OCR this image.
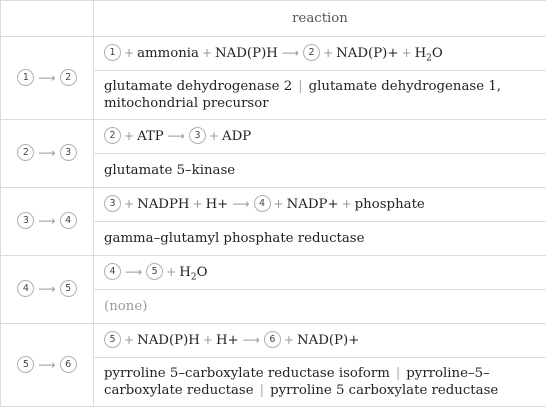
	reaction
1 ⟶ 2	1 + ammonia + NAD(P)H ⟶ $2 + NAD(P)+ + H_2O$
	glutamate dehydrogenase 2 | glutamate dehydrogenase 1, mitochondrial precursor
2 ⟶ 3	2 + ATP ⟶ 3 + ADP
	glutamate 5–kinase
3 ⟶ 4	3 + NADPH + H+ ⟶ 4 + NADP+ + phosphate
	gamma–glutamyl phosphate reductase
4 ⟶ 5	4 ⟶ $5 + H_2O$
	(none)
5 ⟶ 6	5 + NAD(P)H + H+ ⟶ 6 + NAD(P)+
	pyrroline 5–carboxylate reductase isoform | pyrroline–5–carboxylate reductase | pyrroline 5 carboxylate reductase
